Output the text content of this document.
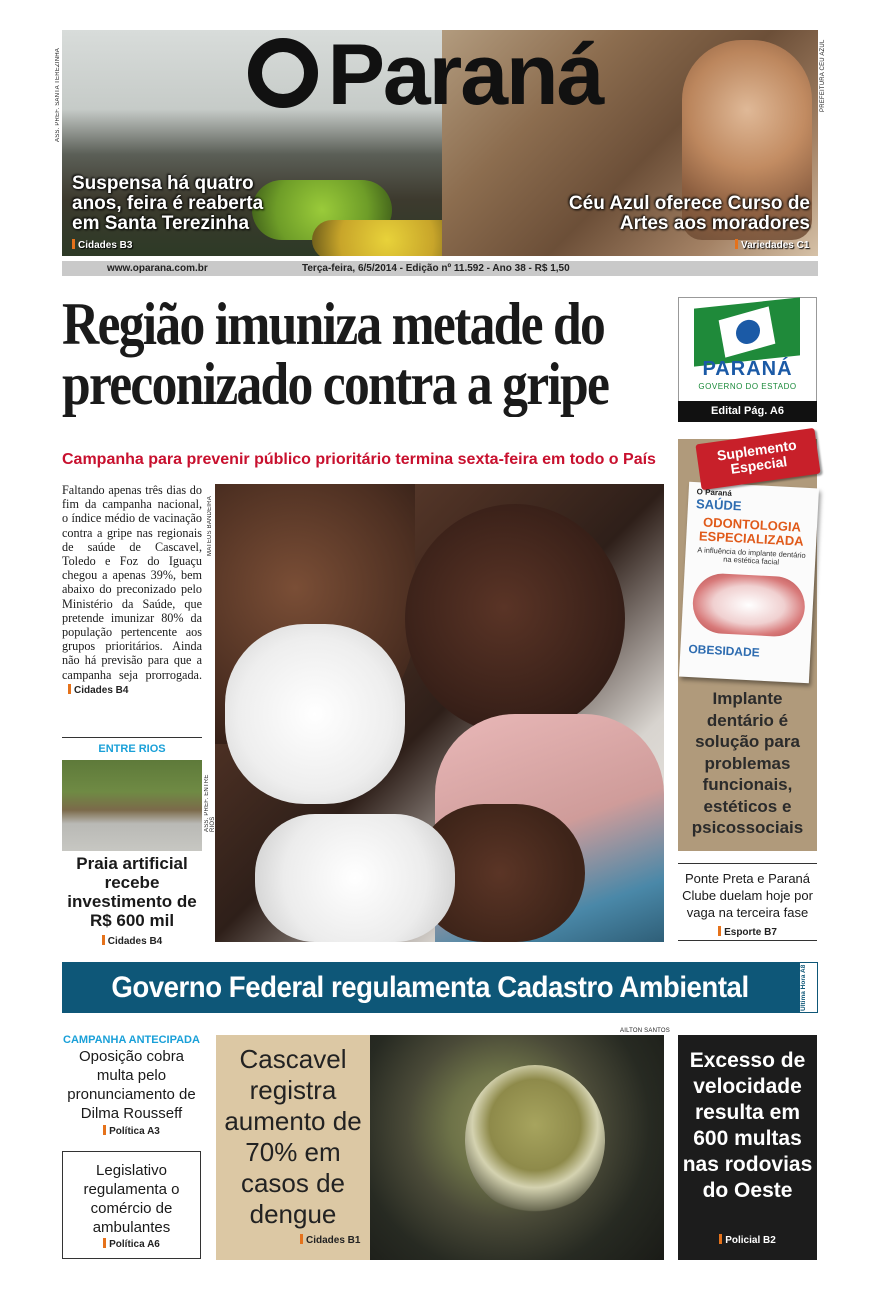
ASS. PREF. SANTA TEREZINHA	PREFEITURA CÉU AZUL
Paraná
Suspensa há quatro anos, feira é reaberta em Santa Terezinha
Cidades B3
Céu Azul oferece Curso de Artes aos moradores
Variedades C1
www.oparana.com.br	Terça-feira, 6/5/2014 - Edição nº 11.592 - Ano 38 - R$ 1,50
Região imuniza metade do preconizado contra a gripe
Campanha para prevenir público prioritário termina sexta-feira em todo o País
Faltando apenas três dias do fim da campanha nacional, o índice médio de vacinação contra a gripe nas regionais de saúde de Cascavel, Toledo e Foz do Iguaçu chegou a apenas 39%, bem abaixo do preconizado pelo Ministério da Saúde, que pretende imunizar 80% da população pertencente aos grupos prioritários. Ainda não há previsão para que a campanha seja prorrogada. Cidades B4
MATEUS BANDEIRA
ENTRE RIOS
ASS. PREF. ENTRE RIOS
Praia artificial recebe investimento de R$ 600 mil
Cidades B4
PARANÁ
GOVERNO DO ESTADO
Edital Pág. A6
O Paraná
SAÚDE
ODONTOLOGIA ESPECIALIZADA
A influência do implante dentário na estética facial
OBESIDADE
Suplemento Especial
Implante dentário é solução para problemas funcionais, estéticos e psicossociais
Ponte Preta e Paraná Clube duelam hoje por vaga na terceira fase
Esporte B7
Governo Federal regulamenta Cadastro Ambiental	Última Hora A8
CAMPANHA ANTECIPADA
Oposição cobra multa pelo pronunciamento de Dilma Rousseff
Política A3
Legislativo regulamenta o comércio de ambulantes
Política A6
Cascavel registra aumento de 70% em casos de dengue
Cidades B1
AILTON SANTOS
Excesso de velocidade resulta em 600 multas nas rodovias do Oeste
Policial B2
